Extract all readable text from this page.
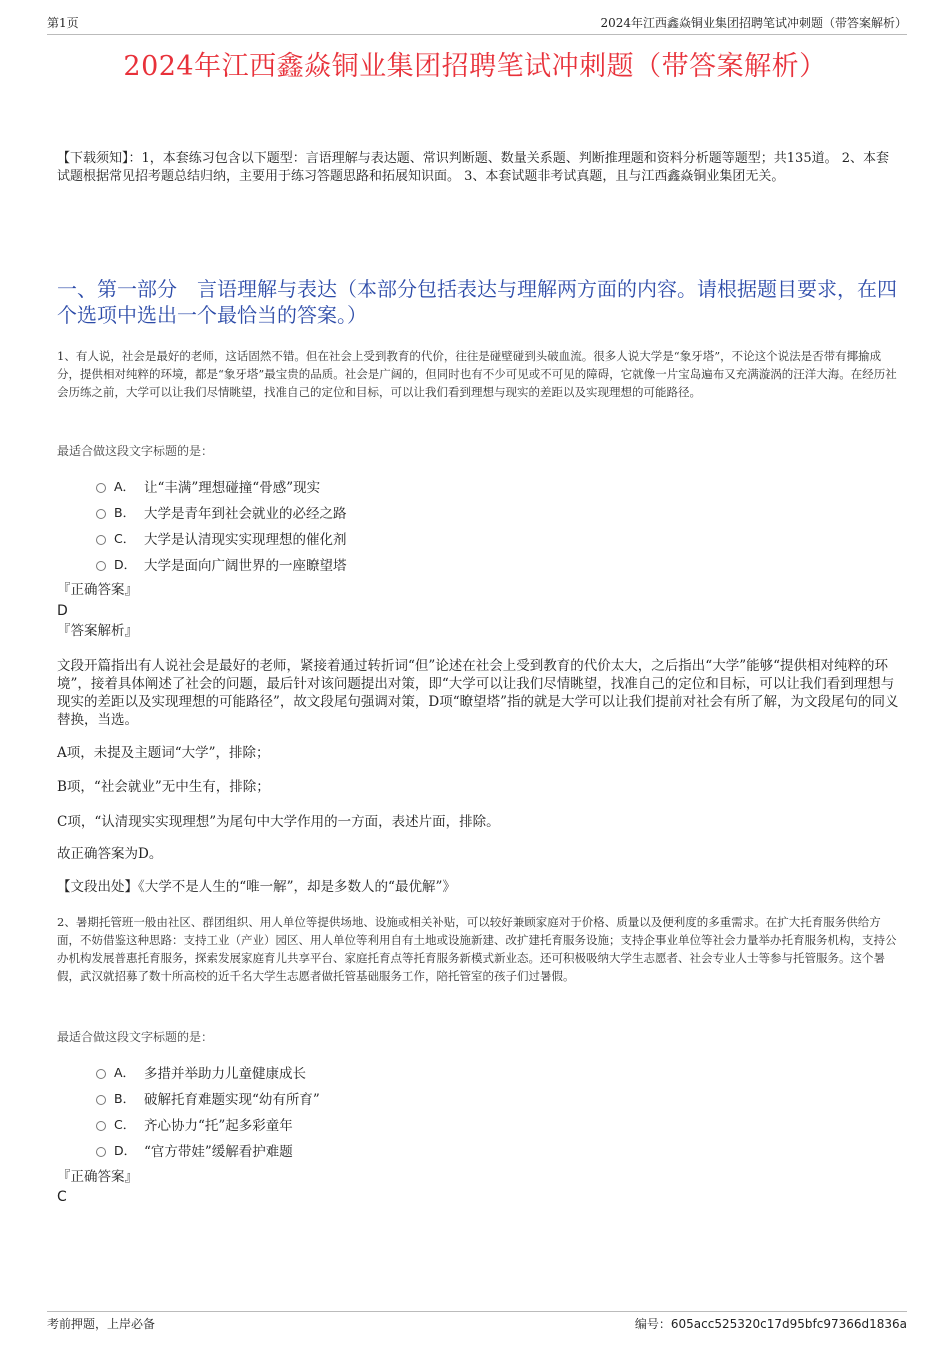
第1页	2024年江西鑫焱铜业集团招聘笔试冲刺题（带答案解析）
2024年江西鑫焱铜业集团招聘笔试冲刺题（带答案解析）
【下载须知】：1，本套练习包含以下题型：言语理解与表达题、常识判断题、数量关系题、判断推理题和资料分析题等题型；共135道。 2、本套试题根据常见招考题总结归纳，主要用于练习答题思路和拓展知识面。 3、本套试题非考试真题，且与江西鑫焱铜业集团无关。
一、第一部分　言语理解与表达（本部分包括表达与理解两方面的内容。请根据题目要求，在四个选项中选出一个最恰当的答案。）
1、有人说，社会是最好的老师，这话固然不错。但在社会上受到教育的代价，往往是碰壁碰到头破血流。很多人说大学是“象牙塔”，不论这个说法是否带有揶揄成分，提供相对纯粹的环境，都是“象牙塔”最宝贵的品质。社会是广阔的，但同时也有不少可见或不可见的障碍，它就像一片宝岛遍布又充满漩涡的汪洋大海。在经历社会历练之前，大学可以让我们尽情眺望，找准自己的定位和目标，可以让我们看到理想与现实的差距以及实现理想的可能路径。
最适合做这段文字标题的是：
A． 让“丰满”理想碰撞“骨感”现实
B． 大学是青年到社会就业的必经之路
C． 大学是认清现实实现理想的催化剂
D． 大学是面向广阔世界的一座瞭望塔
『正确答案』
D
『答案解析』
文段开篇指出有人说社会是最好的老师，紧接着通过转折词“但”论述在社会上受到教育的代价太大，之后指出“大学”能够“提供相对纯粹的环境”，接着具体阐述了社会的问题，最后针对该问题提出对策，即“大学可以让我们尽情眺望，找准自己的定位和目标，可以让我们看到理想与现实的差距以及实现理想的可能路径”，故文段尾句强调对策，D项“瞭望塔”指的就是大学可以让我们提前对社会有所了解，为文段尾句的同义替换，当选。
A项，未提及主题词“大学”，排除；
B项，“社会就业”无中生有，排除；
C项，“认清现实实现理想”为尾句中大学作用的一方面，表述片面，排除。
故正确答案为D。
【文段出处】《大学不是人生的“唯一解”，却是多数人的“最优解”》
2、暑期托管班一般由社区、群团组织、用人单位等提供场地、设施或相关补贴，可以较好兼顾家庭对于价格、质量以及便利度的多重需求。在扩大托育服务供给方面，不妨借鉴这种思路：支持工业（产业）园区、用人单位等利用自有土地或设施新建、改扩建托育服务设施；支持企事业单位等社会力量举办托育服务机构，支持公办机构发展普惠托育服务，探索发展家庭育儿共享平台、家庭托育点等托育服务新模式新业态。还可积极吸纳大学生志愿者、社会专业人士等参与托管服务。这个暑假，武汉就招募了数十所高校的近千名大学生志愿者做托管基础服务工作，陪托管室的孩子们过暑假。
最适合做这段文字标题的是：
A． 多措并举助力儿童健康成长
B． 破解托育难题实现“幼有所育”
C． 齐心协力“托”起多彩童年
D． “官方带娃”缓解看护难题
『正确答案』
C
考前押题，上岸必备	编号：605acc525320c17d95bfc97366d1836a
